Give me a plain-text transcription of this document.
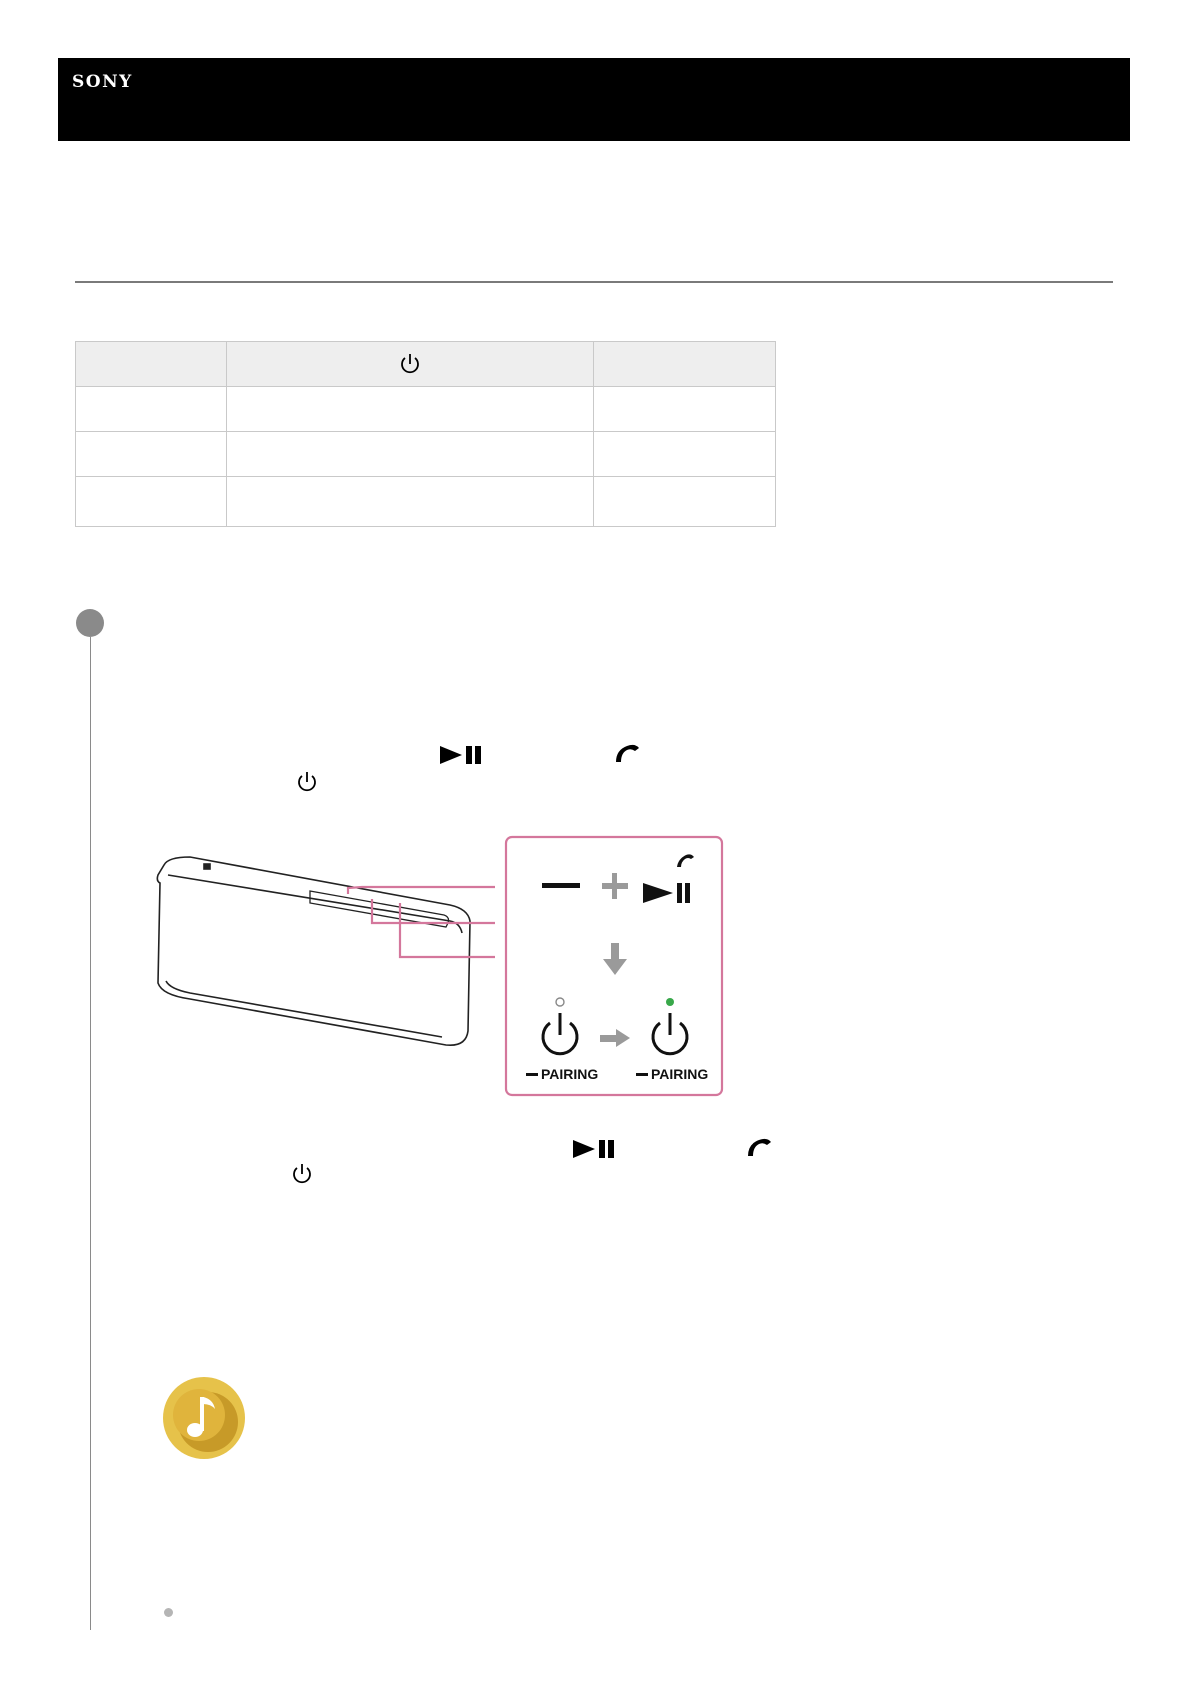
SONY

PAIRING	PAIRING
